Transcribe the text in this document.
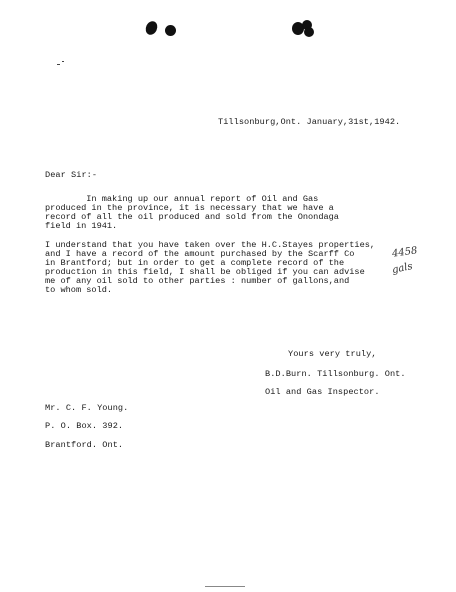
Tillsonburg,Ont. January,31st,1942.
Dear Sir:-
In making up our annual report of Oil and Gas
produced in the province, it is necessary that we have a
record of all the oil produced and sold from the Onondaga
field in 1941.
I understand that you have taken over the H.C.Stayes properties,
and I have a record of the amount purchased by the Scarff Co
in Brantford; but in order to get a complete record of the
production in this field, I shall be obliged if you can advise
me of any oil sold to other parties : number of gallons,and
to whom sold.
4458
gals
Yours very truly,
B.D.Burn. Tillsonburg. Ont.
Oil and Gas Inspector.
Mr. C. F. Young.
P. O. Box. 392.
Brantford. Ont.
